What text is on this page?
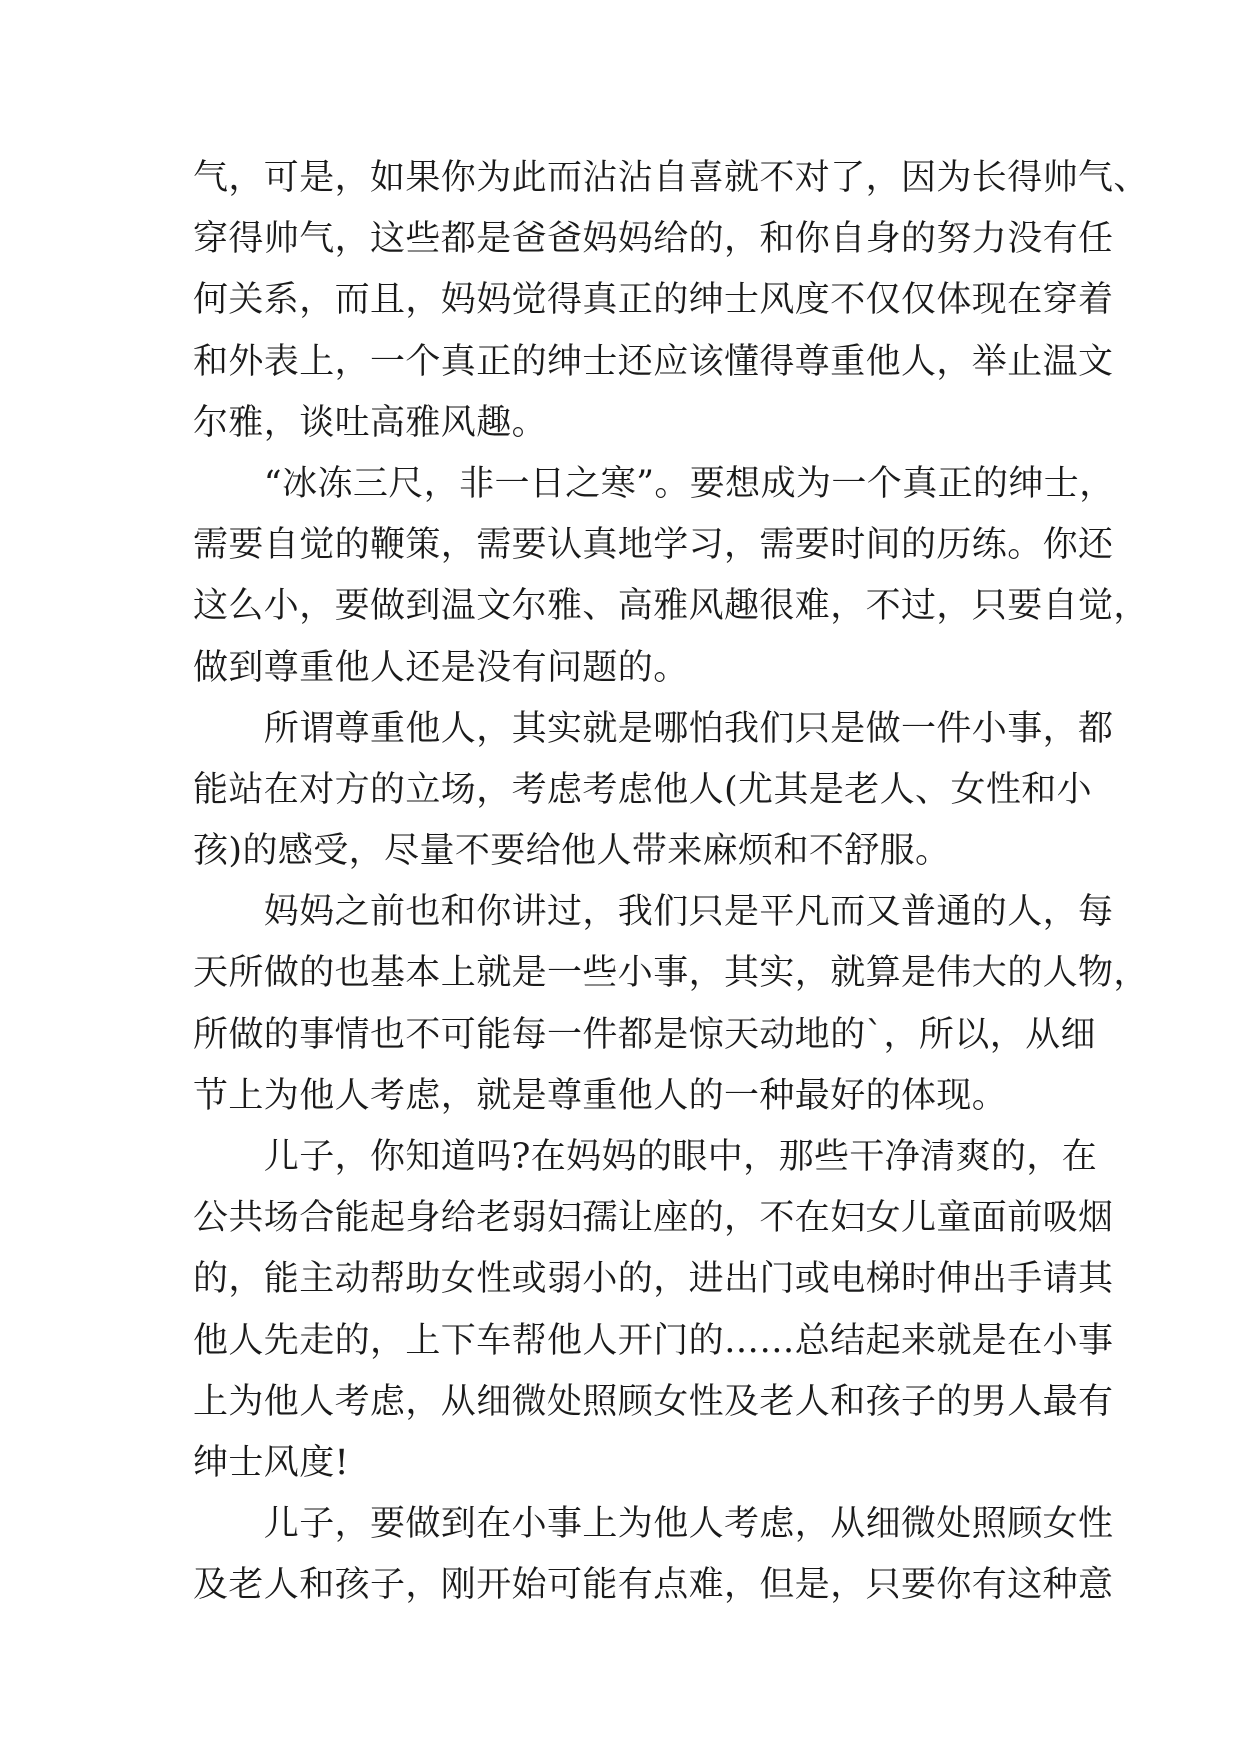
气，可是，如果你为此而沾沾自喜就不对了，因为长得帅气、
穿得帅气，这些都是爸爸妈妈给的，和你自身的努力没有任
何关系，而且，妈妈觉得真正的绅士风度不仅仅体现在穿着
和外表上，一个真正的绅士还应该懂得尊重他人，举止温文
尔雅，谈吐高雅风趣。
　　“冰冻三尺，非一日之寒”。要想成为一个真正的绅士，
需要自觉的鞭策，需要认真地学习，需要时间的历练。你还
这么小，要做到温文尔雅、高雅风趣很难，不过，只要自觉，
做到尊重他人还是没有问题的。
　　所谓尊重他人，其实就是哪怕我们只是做一件小事，都
能站在对方的立场，考虑考虑他人(尤其是老人、女性和小
孩)的感受，尽量不要给他人带来麻烦和不舒服。
　　妈妈之前也和你讲过，我们只是平凡而又普通的人，每
天所做的也基本上就是一些小事，其实，就算是伟大的人物，
所做的事情也不可能每一件都是惊天动地的`，所以，从细
节上为他人考虑，就是尊重他人的一种最好的体现。
　　儿子，你知道吗?在妈妈的眼中，那些干净清爽的，在
公共场合能起身给老弱妇孺让座的，不在妇女儿童面前吸烟
的，能主动帮助女性或弱小的，进出门或电梯时伸出手请其
他人先走的，上下车帮他人开门的……总结起来就是在小事
上为他人考虑，从细微处照顾女性及老人和孩子的男人最有
绅士风度!
　　儿子，要做到在小事上为他人考虑，从细微处照顾女性
及老人和孩子，刚开始可能有点难，但是，只要你有这种意
